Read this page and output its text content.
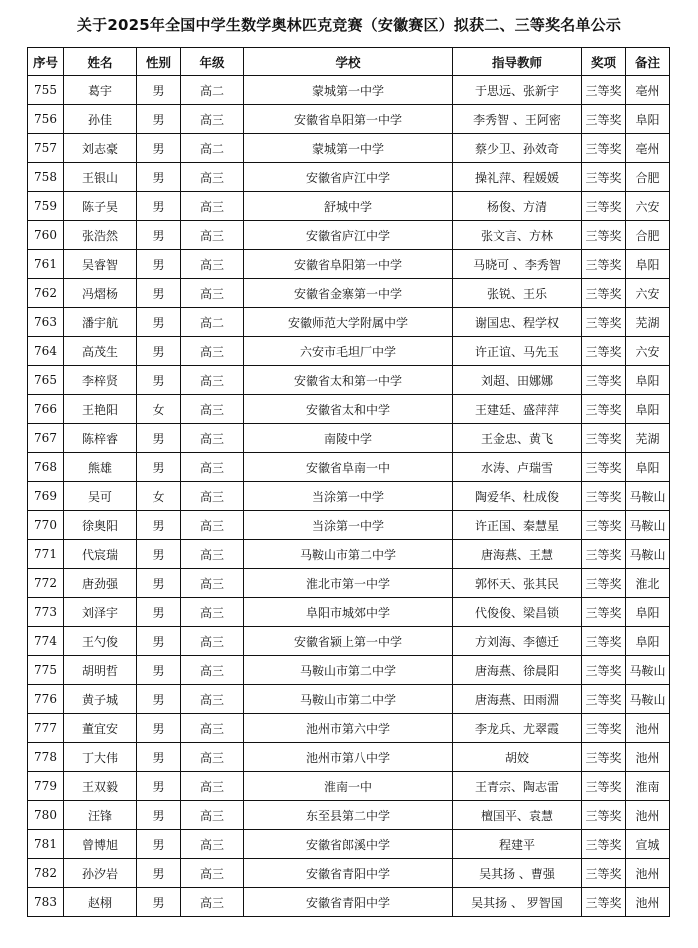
关于2025年全国中学生数学奥林匹克竞赛（安徽赛区）拟获二、三等奖名单公示
序号	姓名	性别	年级	学校	指导教师	奖项	备注
755	葛宇	男	高二	蒙城第一中学	于思远、张新宇	三等奖	亳州
756	孙佳	男	高三	安徽省阜阳第一中学	李秀智 、王阿密	三等奖	阜阳
757	刘志豪	男	高二	蒙城第一中学	蔡少卫、孙效奇	三等奖	亳州
758	王银山	男	高三	安徽省庐江中学	操礼萍、程媛媛	三等奖	合肥
759	陈子昊	男	高三	舒城中学	杨俊、方清	三等奖	六安
760	张浩然	男	高三	安徽省庐江中学	张文言、方林	三等奖	合肥
761	吴睿智	男	高三	安徽省阜阳第一中学	马晓可 、李秀智	三等奖	阜阳
762	冯熠杨	男	高三	安徽省金寨第一中学	张锐、王乐	三等奖	六安
763	潘宇航	男	高二	安徽师范大学附属中学	谢国忠、程学权	三等奖	芜湖
764	高茂生	男	高三	六安市毛坦厂中学	许正谊、马先玉	三等奖	六安
765	李梓贤	男	高三	安徽省太和第一中学	刘超、田娜娜	三等奖	阜阳
766	王艳阳	女	高三	安徽省太和中学	王建廷、盛萍萍	三等奖	阜阳
767	陈梓睿	男	高三	南陵中学	王金忠、黄飞	三等奖	芜湖
768	熊雄	男	高三	安徽省阜南一中	水涛、卢瑞雪	三等奖	阜阳
769	吴可	女	高三	当涂第一中学	陶爱华、杜成俊	三等奖	马鞍山
770	徐奥阳	男	高三	当涂第一中学	许正国、秦慧星	三等奖	马鞍山
771	代宸瑞	男	高三	马鞍山市第二中学	唐海燕、王慧	三等奖	马鞍山
772	唐劲强	男	高三	淮北市第一中学	郭怀天、张其民	三等奖	淮北
773	刘泽宇	男	高三	阜阳市城郊中学	代俊俊、梁昌锁	三等奖	阜阳
774	王勺俊	男	高三	安徽省颍上第一中学	方刘海、李德迁	三等奖	阜阳
775	胡明哲	男	高三	马鞍山市第二中学	唐海燕、徐晨阳	三等奖	马鞍山
776	黄子城	男	高三	马鞍山市第二中学	唐海燕、田雨淵	三等奖	马鞍山
777	董宜安	男	高三	池州市第六中学	李龙兵、尤翠霞	三等奖	池州
778	丁大伟	男	高三	池州市第八中学	胡姣	三等奖	池州
779	王双毅	男	高三	淮南一中	王青宗、陶志雷	三等奖	淮南
780	汪锋	男	高三	东至县第二中学	檀国平、袁慧	三等奖	池州
781	曾博旭	男	高三	安徽省郎溪中学	程建平	三等奖	宣城
782	孙汐岩	男	高三	安徽省青阳中学	吴其扬 、曹强	三等奖	池州
783	赵栩	男	高三	安徽省青阳中学	吴其扬 、 罗智国	三等奖	池州
